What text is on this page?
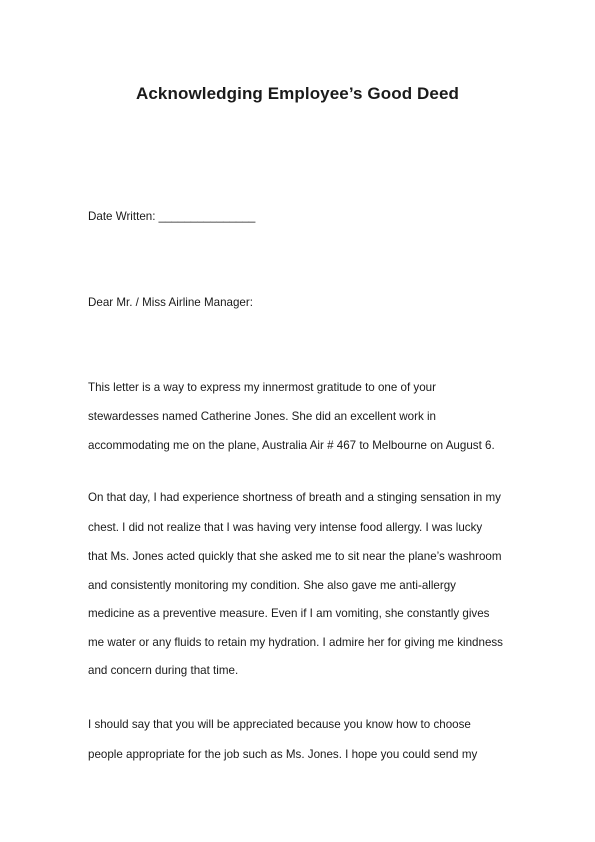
Acknowledging Employee’s Good Deed
Date Written: _______________
Dear Mr. / Miss Airline Manager:
This letter is a way to express my innermost gratitude to one of your
stewardesses named Catherine Jones. She did an excellent work in
accommodating me on the plane, Australia Air # 467 to Melbourne on August 6.
On that day, I had experience shortness of breath and a stinging sensation in my
chest. I did not realize that I was having very intense food allergy. I was lucky
that Ms. Jones acted quickly that she asked me to sit near the plane’s washroom
and consistently monitoring my condition. She also gave me anti-allergy
medicine as a preventive measure. Even if I am vomiting, she constantly gives
me water or any fluids to retain my hydration. I admire her for giving me kindness
and concern during that time.
I should say that you will be appreciated because you know how to choose
people appropriate for the job such as Ms. Jones. I hope you could send my
